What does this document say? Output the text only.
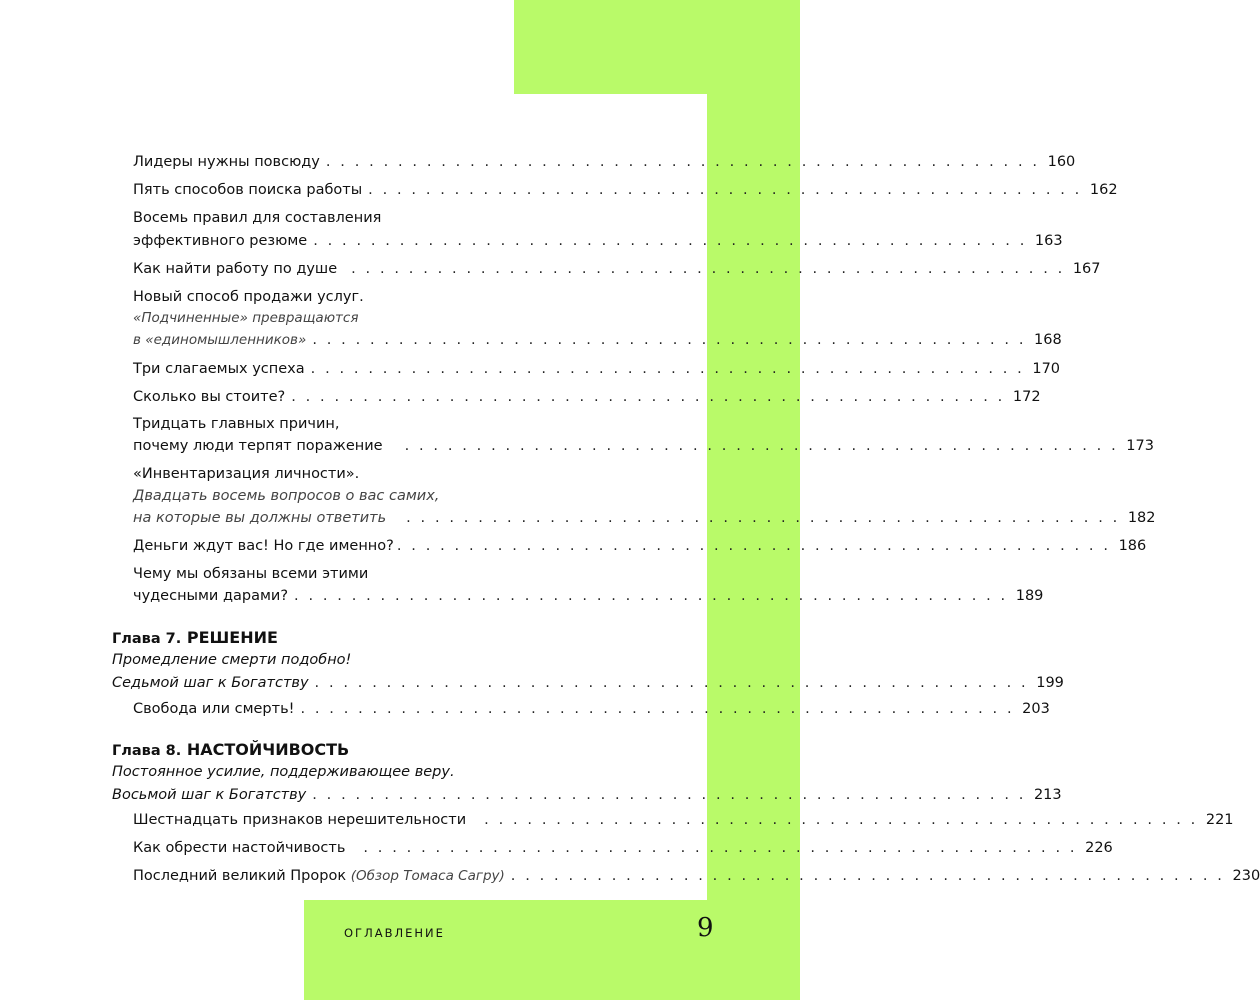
Лидеры нужны повсюду . . . . . . . . . . . . . . . . . . . . . . . . . . . . . . . . . . . . . . . . . . . . . . . . . . 160
Пять способов поиска работы . . . . . . . . . . . . . . . . . . . . . . . . . . . . . . . . . . . . . . . . . . . . . . . . . . 162
Восемь правил для составления
эффективного резюме . . . . . . . . . . . . . . . . . . . . . . . . . . . . . . . . . . . . . . . . . . . . . . . . . . 163
Как найти работу по душе . . . . . . . . . . . . . . . . . . . . . . . . . . . . . . . . . . . . . . . . . . . . . . . . . . 167
Новый способ продажи услуг.
«Подчиненные» превращаются
в «единомышленников» . . . . . . . . . . . . . . . . . . . . . . . . . . . . . . . . . . . . . . . . . . . . . . . . . . 168
Три слагаемых успеха . . . . . . . . . . . . . . . . . . . . . . . . . . . . . . . . . . . . . . . . . . . . . . . . . . 170
Сколько вы стоите? . . . . . . . . . . . . . . . . . . . . . . . . . . . . . . . . . . . . . . . . . . . . . . . . . . 172
Тридцать главных причин,
почему люди терпят поражение . . . . . . . . . . . . . . . . . . . . . . . . . . . . . . . . . . . . . . . . . . . . . . . . . . 173
«Инвентаризация личности».
Двадцать восемь вопросов о вас самих,
на которые вы должны ответить . . . . . . . . . . . . . . . . . . . . . . . . . . . . . . . . . . . . . . . . . . . . . . . . . . 182
Деньги ждут вас! Но где именно? . . . . . . . . . . . . . . . . . . . . . . . . . . . . . . . . . . . . . . . . . . . . . . . . . . 186
Чему мы обязаны всеми этими
чудесными дарами? . . . . . . . . . . . . . . . . . . . . . . . . . . . . . . . . . . . . . . . . . . . . . . . . . . 189
Глава 7. РЕШЕНИЕ
Промедление смерти подобно!
Седьмой шаг к Богатству . . . . . . . . . . . . . . . . . . . . . . . . . . . . . . . . . . . . . . . . . . . . . . . . . . 199
Свобода или смерть! . . . . . . . . . . . . . . . . . . . . . . . . . . . . . . . . . . . . . . . . . . . . . . . . . . 203
Глава 8. НАСТОЙЧИВОСТЬ
Постоянное усилие, поддерживающее веру.
Восьмой шаг к Богатству . . . . . . . . . . . . . . . . . . . . . . . . . . . . . . . . . . . . . . . . . . . . . . . . . . 213
Шестнадцать признаков нерешительности . . . . . . . . . . . . . . . . . . . . . . . . . . . . . . . . . . . . . . . . . . . . . . . . . . 221
Как обрести настойчивость . . . . . . . . . . . . . . . . . . . . . . . . . . . . . . . . . . . . . . . . . . . . . . . . . . 226
Последний великий Пророк (Обзор Томаса Сагру) . . . . . . . . . . . . . . . . . . . . . . . . . . . . . . . . . . . . . . . . . . . . . . . . . . 230
ОГЛАВЛЕНИЕ	9
